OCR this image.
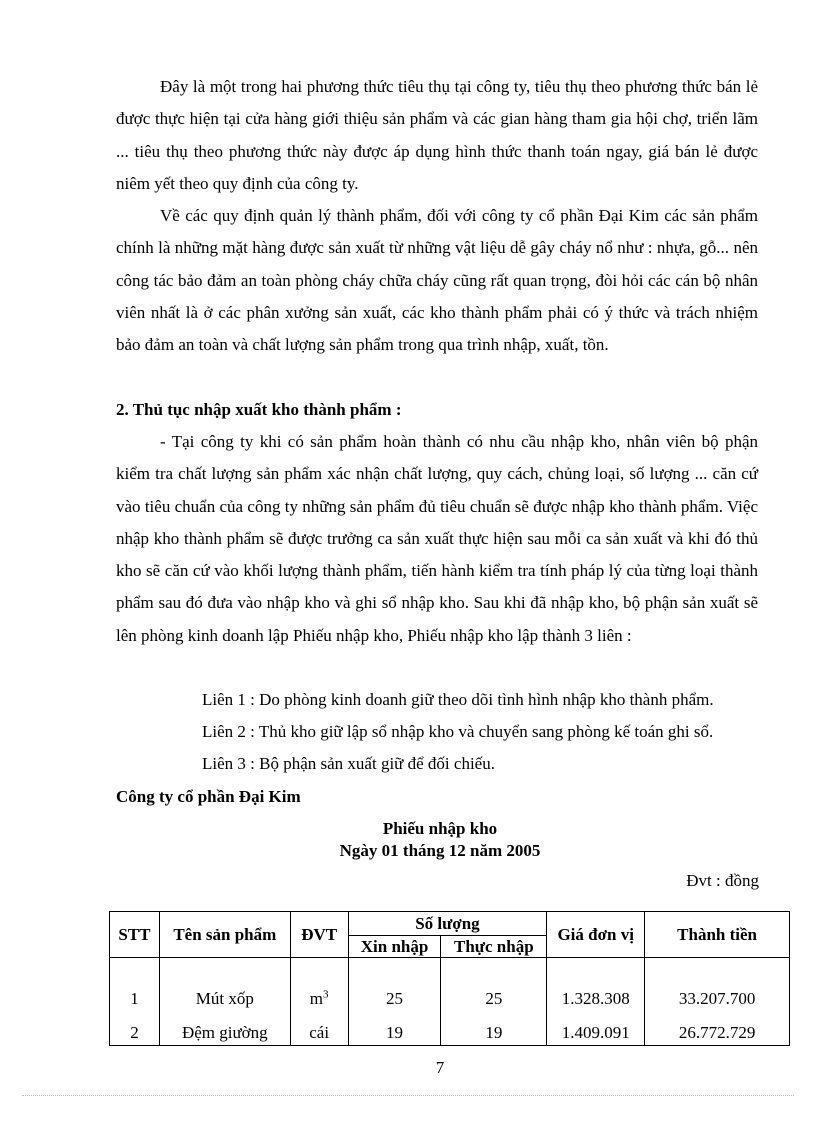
Đây là một trong hai phương thức tiêu thụ tại công ty, tiêu thụ theo phương thức bán lẻ được thực hiện tại cửa hàng giới thiệu sản phẩm và các gian hàng tham gia hội chợ, triển lãm ... tiêu thụ theo phương thức này được áp dụng hình thức thanh toán ngay, giá bán lẻ được niêm yết theo quy định của công ty.

Về các quy định quản lý thành phẩm, đối với công ty cổ phần Đại Kim các sản phẩm chính là những mặt hàng được sản xuất từ những vật liệu dễ gây cháy nổ như : nhựa, gỗ... nên công tác bảo đảm an toàn phòng cháy chữa cháy cũng rất quan trọng, đòi hỏi các cán bộ nhân viên nhất là ở các phân xưởng sản xuất, các kho thành phẩm phải có ý thức và trách nhiệm bảo đảm an toàn và chất lượng sản phẩm trong qua trình nhập, xuất, tồn.

2. Thủ tục nhập xuất kho thành phẩm :

- Tại công ty khi có sản phẩm hoàn thành có nhu cầu nhập kho, nhân viên bộ phận kiểm tra chất lượng sản phẩm xác nhận chất lượng, quy cách, chủng loại, số lượng ... căn cứ vào tiêu chuẩn của công ty những sản phẩm đủ tiêu chuẩn sẽ được nhập kho thành phẩm. Việc nhập kho thành phẩm sẽ được trưởng ca sản xuất thực hiện sau mỗi ca sản xuất và khi đó thủ kho sẽ căn cứ vào khối lượng thành phẩm, tiến hành kiểm tra tính pháp lý của từng loại thành phẩm sau đó đưa vào nhập kho và ghi sổ nhập kho. Sau khi đã nhập kho, bộ phận sản xuất sẽ lên phòng kinh doanh lập Phiếu nhập kho, Phiếu nhập kho lập thành 3 liên :

Liên 1 : Do phòng kinh doanh giữ theo dõi tình hình nhập kho thành phẩm.

Liên 2 : Thủ kho giữ lập sổ nhập kho và chuyển sang phòng kế toán ghi sổ.

Liên 3 : Bộ phận sản xuất giữ để đối chiếu.

Công ty cổ phần Đại Kim

Phiếu nhập kho

Ngày 01 tháng 12 năm 2005

Đvt : đồng

STT	Tên sản phẩm	ĐVT	Số lượng		Giá đơn vị	Thành tiền
			Xin nhập	Thực nhập		
1	Mút xốp	$m^3$	25	25	1.328.308	33.207.700
2	Đệm giường	cái	19	19	1.409.091	26.772.729

7
